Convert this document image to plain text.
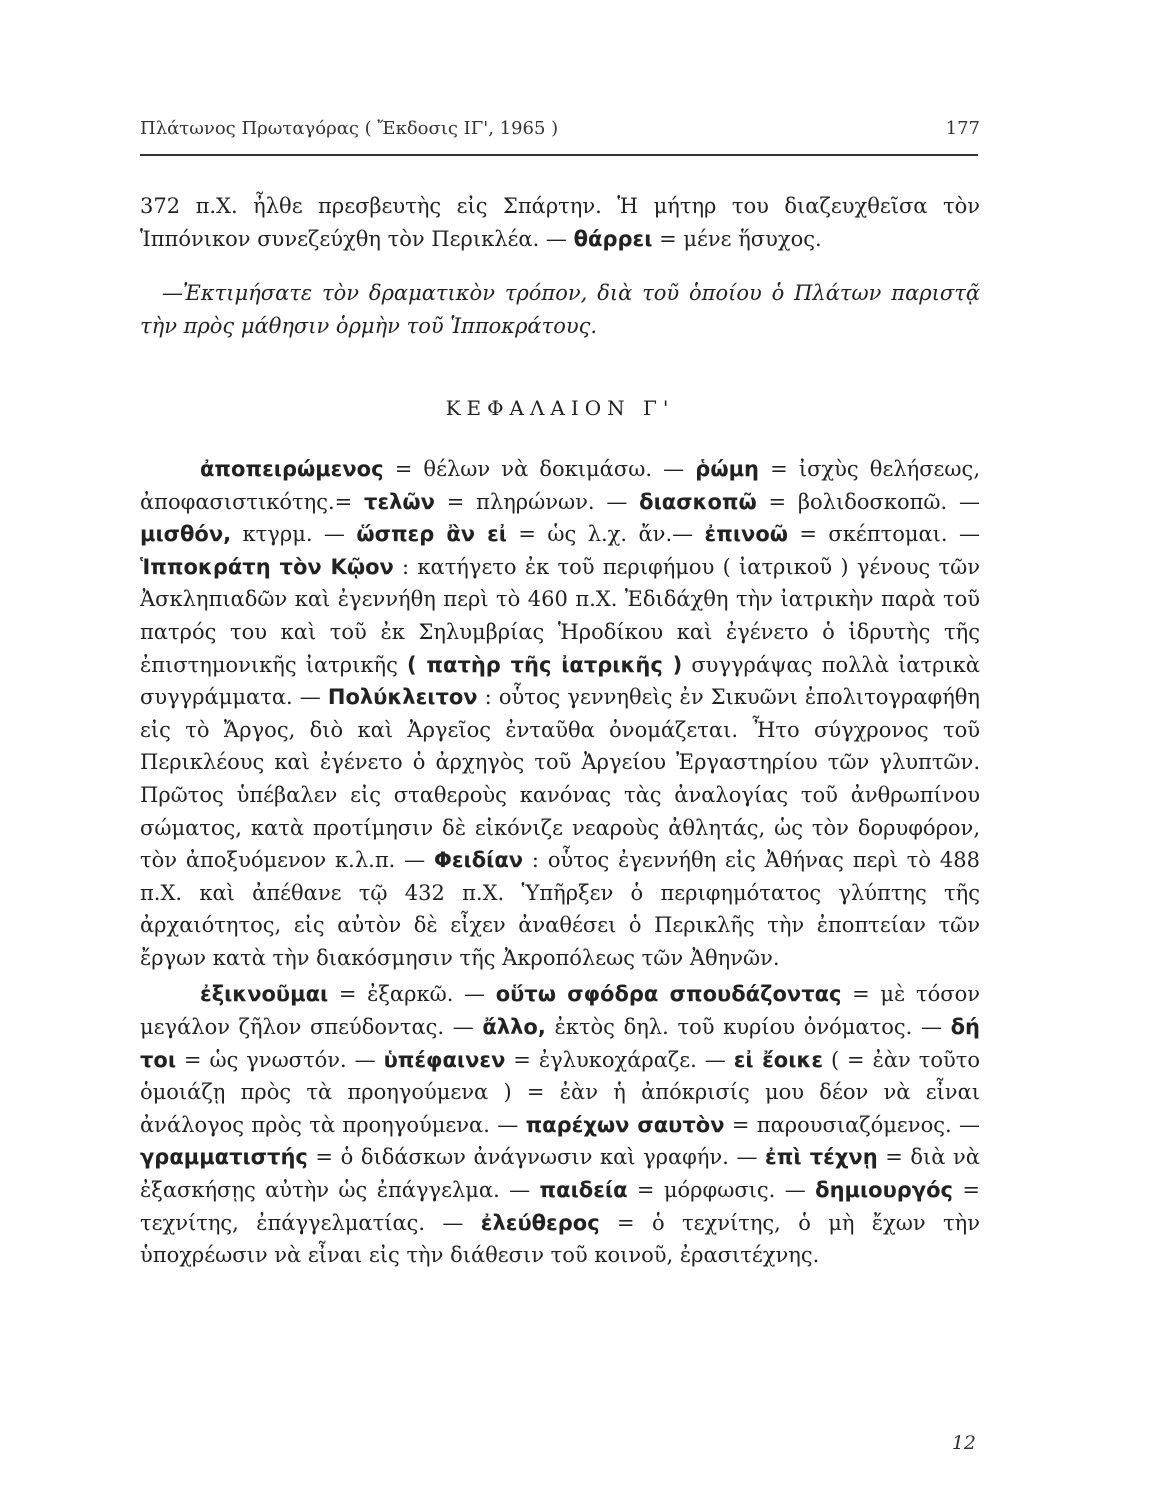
Πλάτωνος Πρωταγόρας ( Ἔκδοσις ΙΓ', 1965 )	177

372 π.Χ. ἦλθε πρεσβευτὴς εἰς Σπάρτην. Ἡ μήτηρ του διαζευχθεῖσα τὸν Ἱππόνικον συνεζεύχθη τὸν Περικλέα. — θάρρει = μένε ἥσυχος.

—Ἐκτιμήσατε τὸν δραματικὸν τρόπον, διὰ τοῦ ὁποίου ὁ Πλάτων παριστᾷ τὴν πρὸς μάθησιν ὁρμὴν τοῦ Ἱπποκράτους.

ΚΕΦΑΛΑΙΟΝ Γ'

ἀποπειρώμενος = θέλων νὰ δοκιμάσω. — ῥώμη = ἰσχὺς θελήσεως, ἀποφασιστικότης.= τελῶν = πληρώνων. — διασκοπῶ = βολιδοσκοπῶ. — μισθόν, κτγρμ. — ὥσπερ ἂν εἰ = ὡς λ.χ. ἄν.— ἐπινοῶ = σκέπτομαι. — Ἱπποκράτη τὸν Κῷον : κατήγετο ἐκ τοῦ περιφήμου ( ἰατρικοῦ ) γένους τῶν Ἀσκληπιαδῶν καὶ ἐγεννήθη περὶ τὸ 460 π.Χ. Ἐδιδάχθη τὴν ἰατρικὴν παρὰ τοῦ πατρός του καὶ τοῦ ἐκ Σηλυμβρίας Ἡροδίκου καὶ ἐγένετο ὁ ἱδρυτὴς τῆς ἐπιστημονικῆς ἰατρικῆς ( πατὴρ τῆς ἰατρικῆς ) συγγράψας πολλὰ ἰατρικὰ συγγράμματα. — Πολύκλειτον : οὗτος γεννηθεὶς ἐν Σικυῶνι ἐπολιτογραφήθη εἰς τὸ Ἄργος, διὸ καὶ Ἀργεῖος ἐνταῦθα ὀνομάζεται. Ἦτο σύγχρονος τοῦ Περικλέους καὶ ἐγένετο ὁ ἀρχηγὸς τοῦ Ἀργείου Ἐργαστηρίου τῶν γλυπτῶν. Πρῶτος ὑπέβαλεν εἰς σταθεροὺς κανόνας τὰς ἀναλογίας τοῦ ἀνθρωπίνου σώματος, κατὰ προτίμησιν δὲ εἰκόνιζε νεαροὺς ἀθλητάς, ὡς τὸν δορυφόρον, τὸν ἀποξυόμενον κ.λ.π. — Φειδίαν : οὗτος ἐγεννήθη εἰς Ἀθήνας περὶ τὸ 488 π.Χ. καὶ ἀπέθανε τῷ 432 π.Χ. Ὑπῆρξεν ὁ περιφημότατος γλύπτης τῆς ἀρχαιότητος, εἰς αὐτὸν δὲ εἶχεν ἀναθέσει ὁ Περικλῆς τὴν ἐποπτείαν τῶν ἔργων κατὰ τὴν διακόσμησιν τῆς Ἀκροπόλεως τῶν Ἀθηνῶν.

ἐξικνοῦμαι = ἐξαρκῶ. — οὕτω σφόδρα σπουδάζοντας = μὲ τόσον μεγάλον ζῆλον σπεύδοντας. — ἄλλο, ἐκτὸς δηλ. τοῦ κυρίου ὀνόματος. — δή τοι = ὡς γνωστόν. — ὑπέφαινεν = ἐγλυκοχάραζε. — εἰ ἔοικε ( = ἐὰν τοῦτο ὁμοιάζῃ πρὸς τὰ προηγούμενα ) = ἐὰν ἡ ἀπόκρισίς μου δέον νὰ εἶναι ἀνάλογος πρὸς τὰ προηγούμενα. — παρέχων σαυτὸν = παρουσιαζόμενος. — γραμματιστής = ὁ διδάσκων ἀνάγνωσιν καὶ γραφήν. — ἐπὶ τέχνῃ = διὰ νὰ ἐξασκήσῃς αὐτὴν ὡς ἐπάγγελμα. — παιδεία = μόρφωσις. — δημιουργός = τεχνίτης, ἐπάγγελματίας. — ἐλεύθερος = ὁ τεχνίτης, ὁ μὴ ἔχων τὴν ὑποχρέωσιν νὰ εἶναι εἰς τὴν διάθεσιν τοῦ κοινοῦ, ἐρασιτέχνης.

12
